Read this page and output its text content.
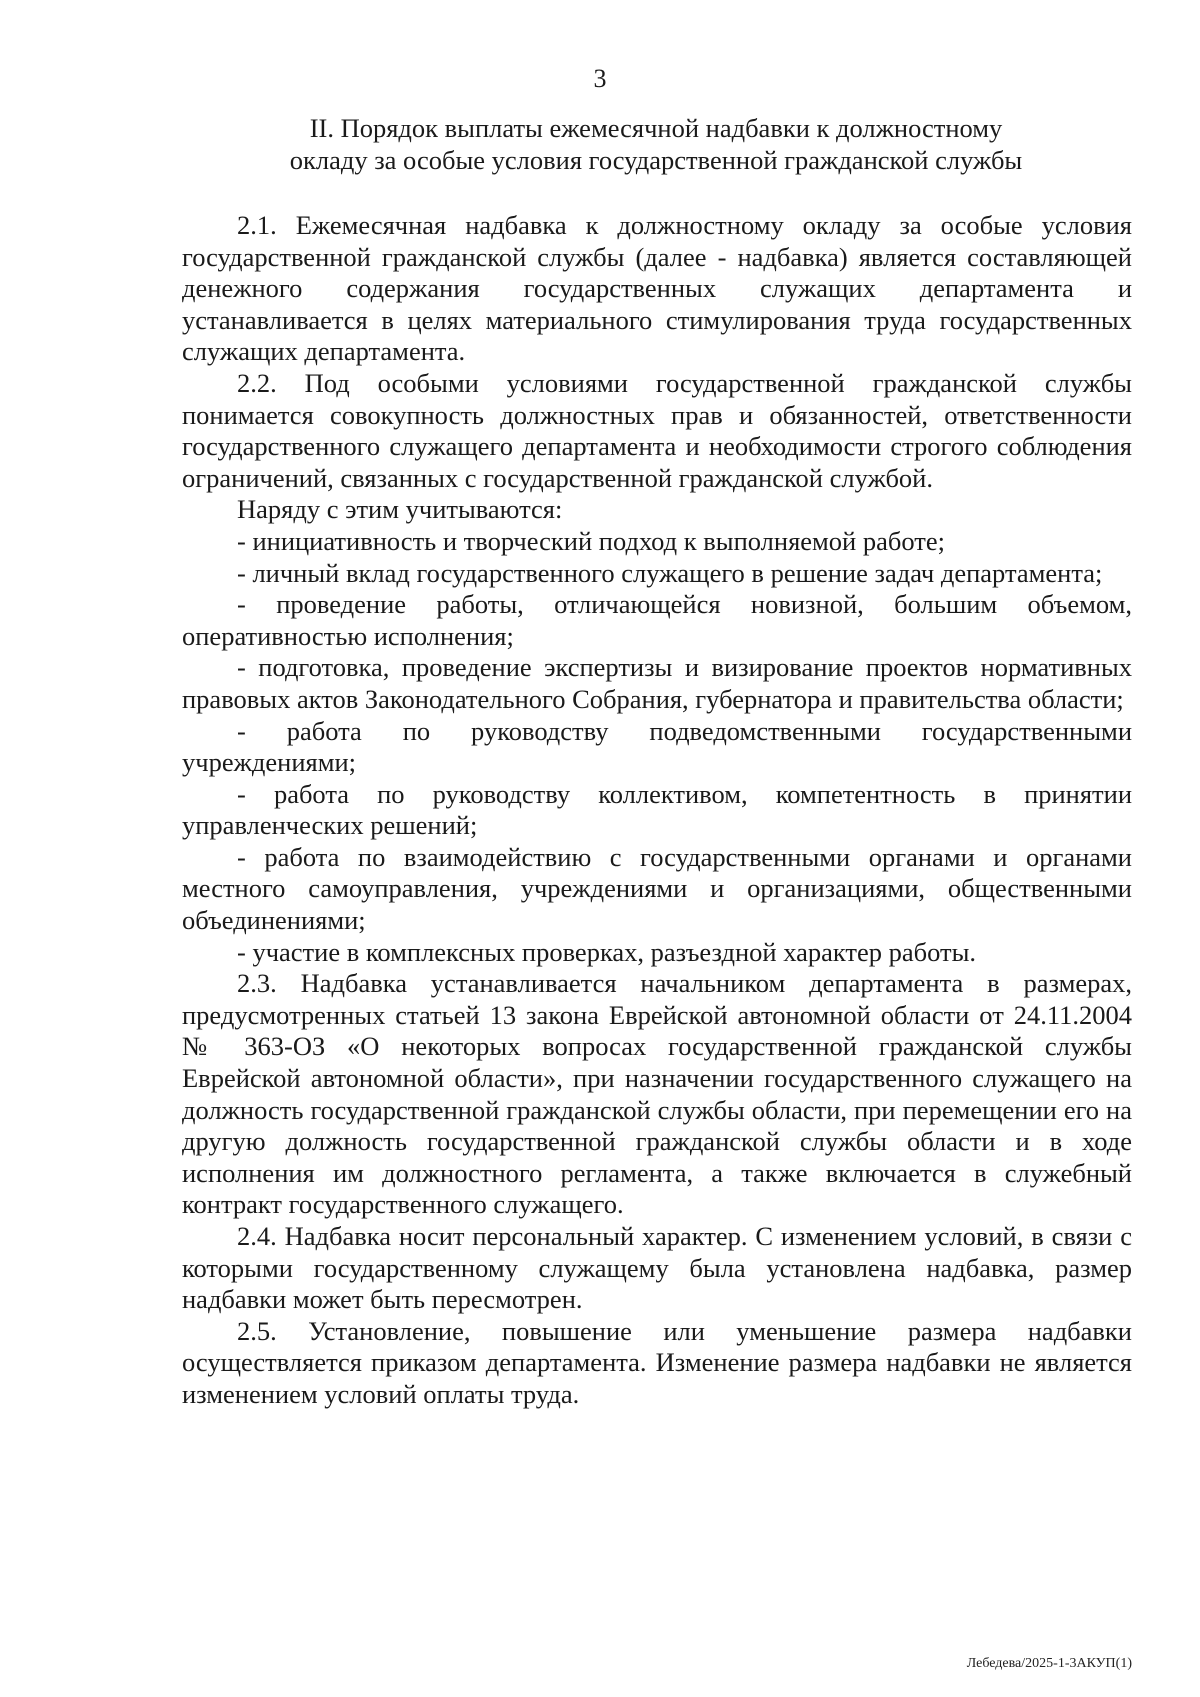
3
II. Порядок выплаты ежемесячной надбавки к должностному
окладу за особые условия государственной гражданской службы

2.1. Ежемесячная надбавка к должностному окладу за особые условия государственной гражданской службы (далее - надбавка) является составляющей денежного содержания государственных служащих департамента и устанавливается в целях материального стимулирования труда государственных служащих департамента.

2.2. Под особыми условиями государственной гражданской службы понимается совокупность должностных прав и обязанностей, ответственности государственного служащего департамента и необходимости строгого соблюдения ограничений, связанных с государственной гражданской службой.

Наряду с этим учитываются:

- инициативность и творческий подход к выполняемой работе;

- личный вклад государственного служащего в решение задач департамента;

- проведение работы, отличающейся новизной, большим объемом, оперативностью исполнения;

- подготовка, проведение экспертизы и визирование проектов нормативных правовых актов Законодательного Собрания, губернатора и правительства области;

- работа по руководству подведомственными государственными учреждениями;

- работа по руководству коллективом, компетентность в принятии управленческих решений;

- работа по взаимодействию с государственными органами и органами местного самоуправления, учреждениями и организациями, общественными объединениями;

- участие в комплексных проверках, разъездной характер работы.

2.3. Надбавка устанавливается начальником департамента в размерах, предусмотренных статьей 13 закона Еврейской автономной области от 24.11.2004 № 363-ОЗ «О некоторых вопросах государственной гражданской службы Еврейской автономной области», при назначении государственного служащего на должность государственной гражданской службы области, при перемещении его на другую должность государственной гражданской службы области и в ходе исполнения им должностного регламента, а также включается в служебный контракт государственного служащего.

2.4. Надбавка носит персональный характер. С изменением условий, в связи с которыми государственному служащему была установлена надбавка, размер надбавки может быть пересмотрен.

2.5. Установление, повышение или уменьшение размера надбавки осуществляется приказом департамента. Изменение размера надбавки не является изменением условий оплаты труда.

Лебедева/2025-1-3АКУП(1)
